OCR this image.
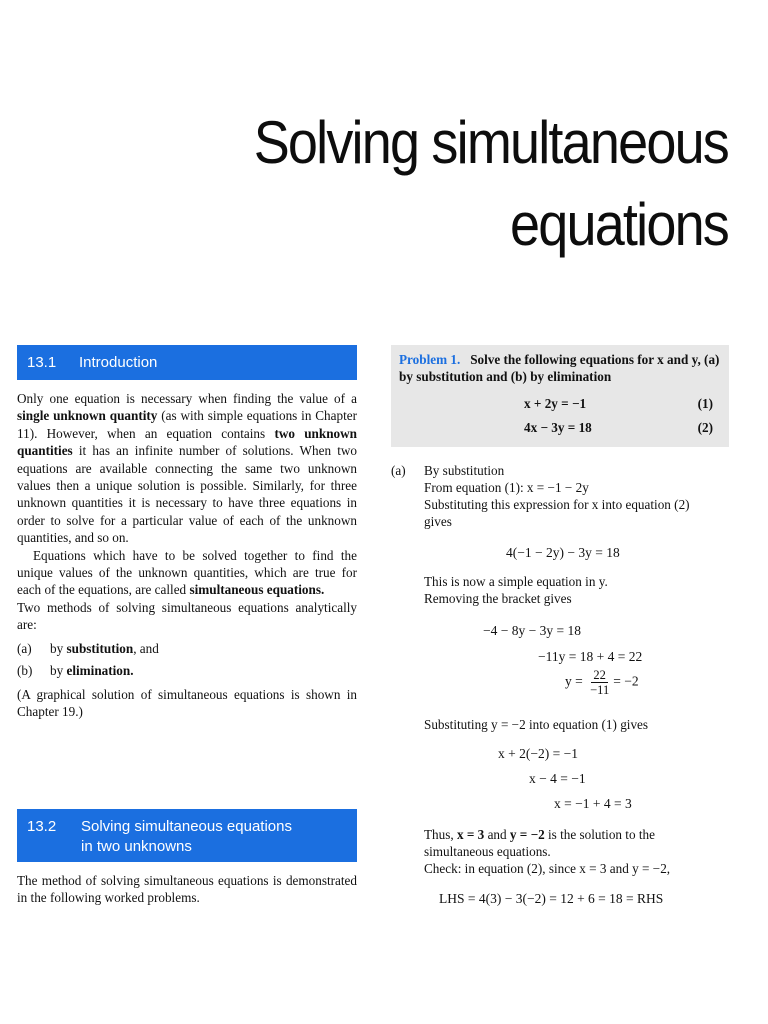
Solving simultaneous
equations
13.1 Introduction

Only one equation is necessary when finding the value of a single unknown quantity (as with simple equations in Chapter 11). However, when an equation contains two unknown quantities it has an infinite number of solutions. When two equations are available connecting the same two unknown values then a unique solution is possible. Similarly, for three unknown quantities it is necessary to have three equations in order to solve for a particular value of each of the unknown quantities, and so on.

Equations which have to be solved together to find the unique values of the unknown quantities, which are true for each of the equations, are called simultaneous equations.

Two methods of solving simultaneous equations analytically are:

(a)	by substitution, and
(b)	by elimination.

(A graphical solution of simultaneous equations is shown in Chapter 19.)

13.2 Solving simultaneous equations
in two unknowns

The method of solving simultaneous equations is demonstrated in the following worked problems.

Problem 1. Solve the following equations for x and y, (a) by substitution and (b) by elimination
x + 2y = −1	(1)
4x − 3y = 18	(2)
(a) By substitution
From equation (1): x = −1 − 2y
Substituting this expression for x into equation (2)
gives
4(−1 − 2y) − 3y = 18
This is now a simple equation in y.
Removing the bracket gives
−4 − 8y − 3y = 18
−11y = 18 + 4 = 22
$y = \frac{22}{-11} = -2$
Substituting y = −2 into equation (1) gives
x + 2(−2) = −1
x − 4 = −1
x = −1 + 4 = 3
Thus, x = 3 and y = −2 is the solution to the
simultaneous equations.
Check: in equation (2), since x = 3 and y = −2,
LHS = 4(3) − 3(−2) = 12 + 6 = 18 = RHS
